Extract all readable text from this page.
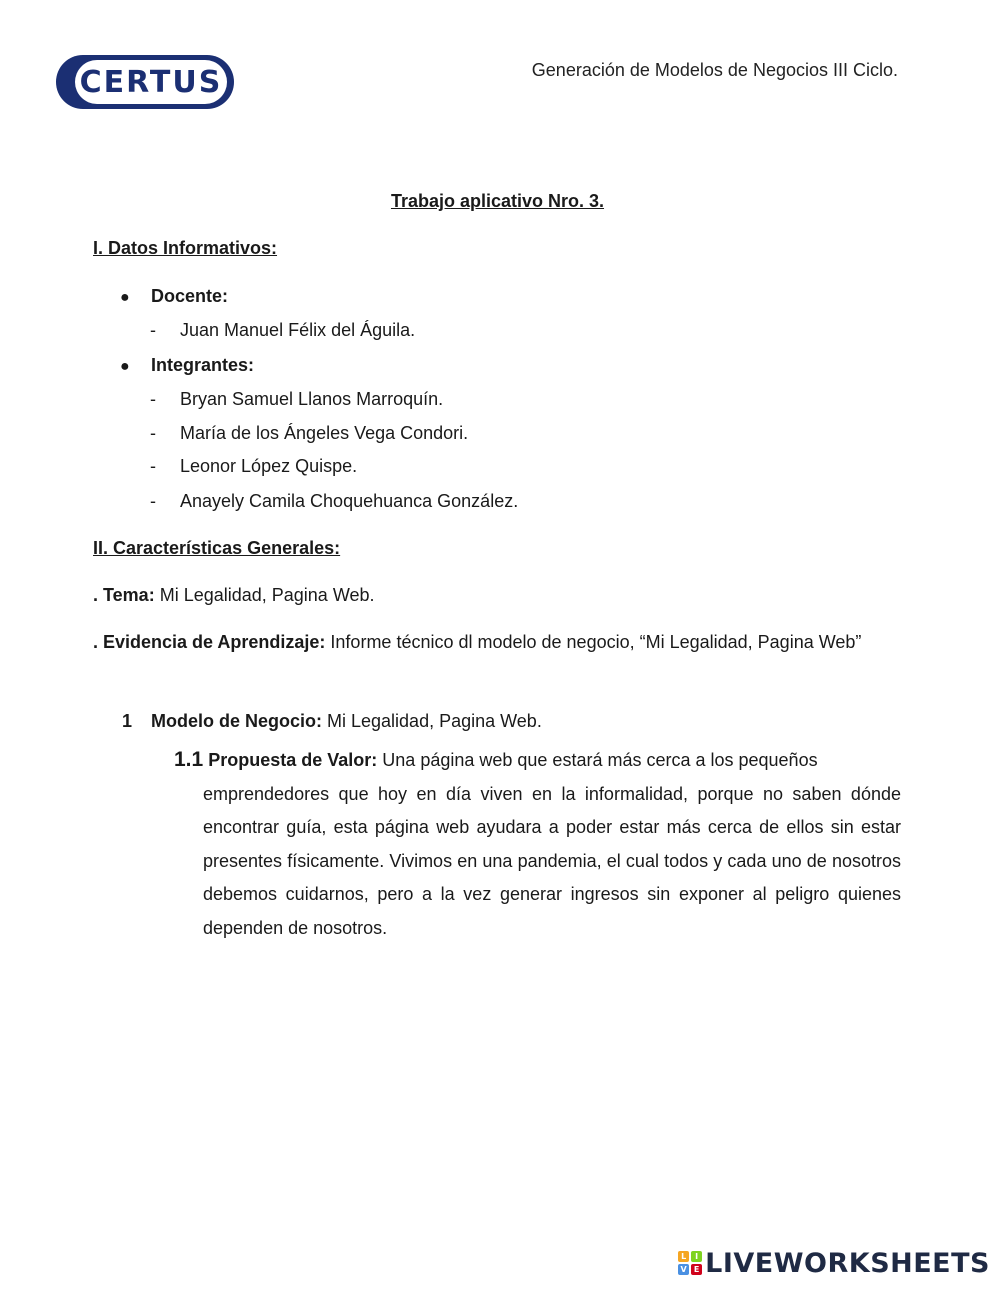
CERTUS	Generación de Modelos de Negocios III Ciclo.
Trabajo aplicativo Nro. 3.
I. Datos Informativos:
● Docente:
- Juan Manuel Félix del Águila.
● Integrantes:
- Bryan Samuel Llanos Marroquín.
- María de los Ángeles Vega Condori.
- Leonor López Quispe.
- Anayely Camila Choquehuanca González.
II. Características Generales:
. Tema: Mi Legalidad, Pagina Web.
. Evidencia de Aprendizaje: Informe técnico dl modelo de negocio, “Mi Legalidad, Pagina Web”
1 Modelo de Negocio: Mi Legalidad, Pagina Web.
1.1 Propuesta de Valor: Una página web que estará más cerca a los pequeños
emprendedores que hoy en día viven en la informalidad, porque no saben dónde encontrar guía, esta página web ayudara a poder estar más cerca de ellos sin estar presentes físicamente. Vivimos en una pandemia, el cual todos y cada uno de nosotros debemos cuidarnos, pero a la vez generar ingresos sin exponer al peligro quienes dependen de nosotros.
L	I
V E LIVEWORKSHEETS
